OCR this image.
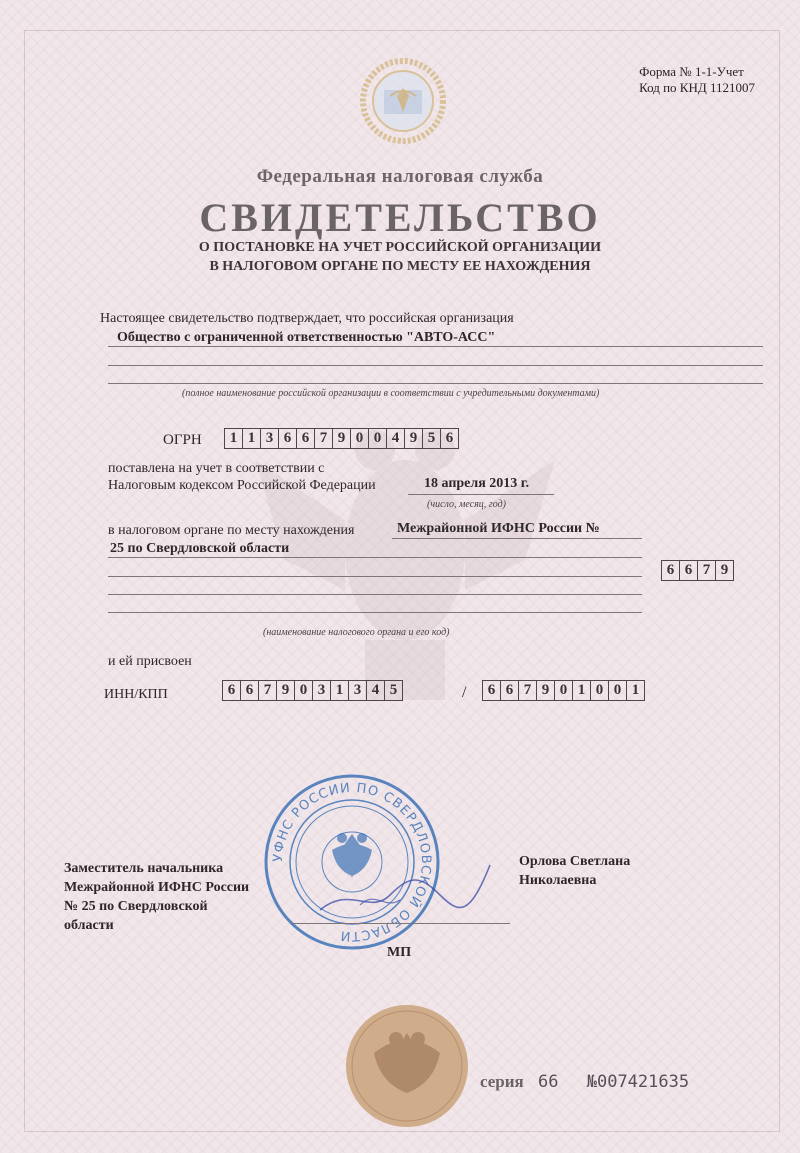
Форма № 1-1-Учет
Код по КНД 1121007
Федеральная налоговая служба
СВИДЕТЕЛЬСТВО
О ПОСТАНОВКЕ НА УЧЕТ РОССИЙСКОЙ ОРГАНИЗАЦИИ
В НАЛОГОВОМ ОРГАНЕ ПО МЕСТУ ЕЕ НАХОЖДЕНИЯ
Настоящее свидетельство подтверждает, что российская организация
Общество с ограниченной ответственностью "АВТО-АСС"
(полное наименование российской организации в соответствии с учредительными документами)
ОГРН	1 1 3 6 6 7 9 0 0 4 9 5 6
поставлена на учет в соответствии с
Налоговым кодексом Российской Федерации	18 апреля 2013 г.
(число, месяц, год)
в налоговом органе по месту нахождения	Межрайонной ИФНС России №
25 по Свердловской области
6 6 7 9
(наименование налогового органа и его код)
и ей присвоен
ИНН/КПП	6 6 7 9 0 3 1 3 4 5	/	6 6 7 9 0 1 0 0 1
УФНС РОССИИ ПО СВЕРДЛОВСКОЙ ОБЛАСТИ
Заместитель начальника
Межрайонной ИФНС России
№ 25 по Свердловской
области
Орлова Светлана
Николаевна
МП
серия 66 №007421635
